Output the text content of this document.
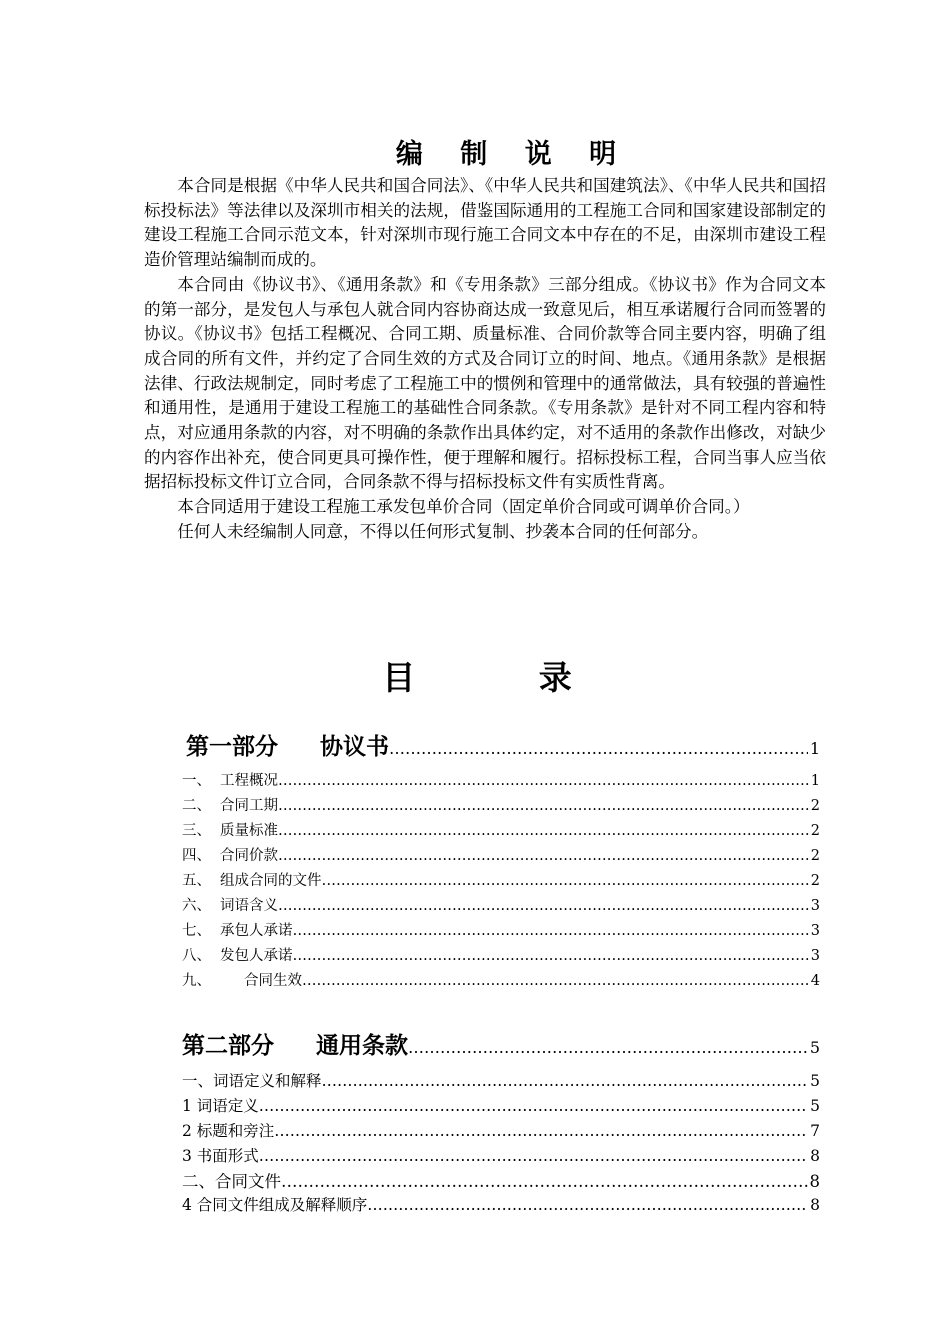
编 制 说 明

本合同是根据《中华人民共和国合同法》、《中华人民共和国建筑法》、《中华人民共和国招标投标法》等法律以及深圳市相关的法规，借鉴国际通用的工程施工合同和国家建设部制定的建设工程施工合同示范文本，针对深圳市现行施工合同文本中存在的不足，由深圳市建设工程造价管理站编制而成的。

本合同由《协议书》、《通用条款》和《专用条款》三部分组成。《协议书》作为合同文本的第一部分，是发包人与承包人就合同内容协商达成一致意见后，相互承诺履行合同而签署的协议。《协议书》包括工程概况、合同工期、质量标准、合同价款等合同主要内容，明确了组成合同的所有文件，并约定了合同生效的方式及合同订立的时间、地点。《通用条款》是根据法律、行政法规制定，同时考虑了工程施工中的惯例和管理中的通常做法，具有较强的普遍性和通用性，是通用于建设工程施工的基础性合同条款。《专用条款》是针对不同工程内容和特点，对应通用条款的内容，对不明确的条款作出具体约定，对不适用的条款作出修改，对缺少的内容作出补充，使合同更具可操作性，便于理解和履行。招标投标工程，合同当事人应当依据招标投标文件订立合同，合同条款不得与招标投标文件有实质性背离。

本合同适用于建设工程施工承发包单价合同（固定单价合同或可调单价合同。）

任何人未经编制人同意，不得以任何形式复制、抄袭本合同的任何部分。

目 录
第一部分 协议书 ………………………………………………………………………………………………………………………………………………………………………………	1
一、 工程概况 ………………………………………………………………………………………………………………………………………………………………………………	1
二、 合同工期 ………………………………………………………………………………………………………………………………………………………………………………	2
三、 质量标准 ………………………………………………………………………………………………………………………………………………………………………………	2
四、 合同价款 ………………………………………………………………………………………………………………………………………………………………………………	2
五、 组成合同的文件 ………………………………………………………………………………………………………………………………………………………………………………	2
六、 词语含义 ………………………………………………………………………………………………………………………………………………………………………………	3
七、 承包人承诺 ………………………………………………………………………………………………………………………………………………………………………………	3
八、 发包人承诺 ………………………………………………………………………………………………………………………………………………………………………………	3
九、 合同生效 ………………………………………………………………………………………………………………………………………………………………………………	4
第二部分 通用条款 ………………………………………………………………………………………………………………………………………………………………………………	5
一、词语定义和解释 ………………………………………………………………………………………………………………………………………………………………………………	5
1 词语定义 ………………………………………………………………………………………………………………………………………………………………………………	5
2 标题和旁注 ………………………………………………………………………………………………………………………………………………………………………………	7
3 书面形式 ………………………………………………………………………………………………………………………………………………………………………………	8
二、合同文件 ………………………………………………………………………………………………………………………………………………………………………………	8
4 合同文件组成及解释顺序 ………………………………………………………………………………………………………………………………………………………………………………	8
